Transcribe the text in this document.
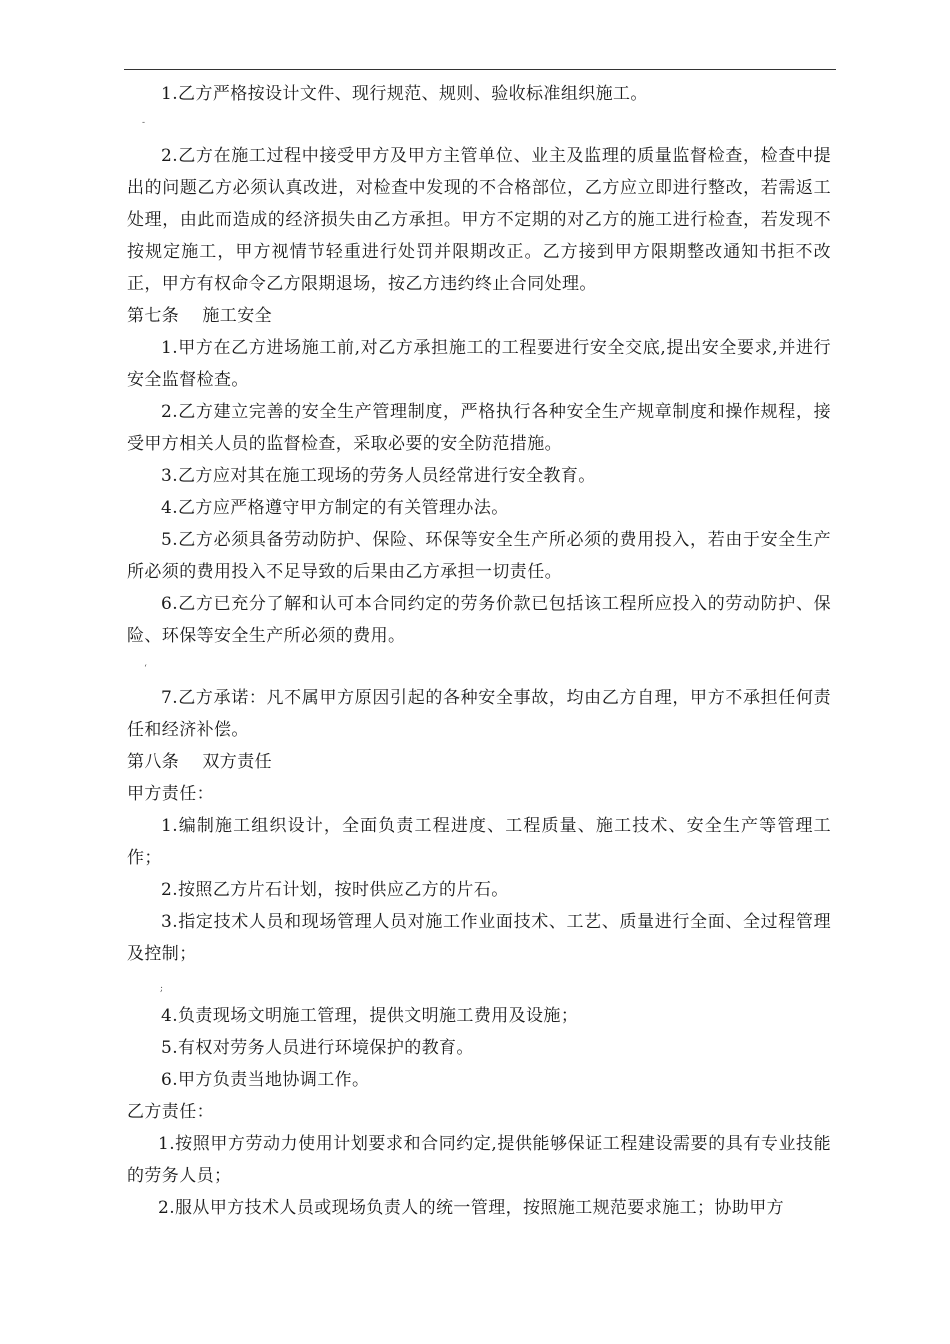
1.乙方严格按设计文件、现行规范、规则、验收标准组织施工。

-

2.乙方在施工过程中接受甲方及甲方主管单位、业主及监理的质量监督检查，检查中提出的问题乙方必须认真改进，对检查中发现的不合格部位，乙方应立即进行整改，若需返工处理，由此而造成的经济损失由乙方承担。甲方不定期的对乙方的施工进行检查，若发现不按规定施工，甲方视情节轻重进行处罚并限期改正。乙方接到甲方限期整改通知书拒不改正，甲方有权命令乙方限期退场，按乙方违约终止合同处理。

第七条　 施工安全

1.甲方在乙方进场施工前,对乙方承担施工的工程要进行安全交底,提出安全要求,并进行安全监督检查。

2.乙方建立完善的安全生产管理制度，严格执行各种安全生产规章制度和操作规程，接受甲方相关人员的监督检查，采取必要的安全防范措施。

3.乙方应对其在施工现场的劳务人员经常进行安全教育。

4.乙方应严格遵守甲方制定的有关管理办法。

5.乙方必须具备劳动防护、保险、环保等安全生产所必须的费用投入，若由于安全生产所必须的费用投入不足导致的后果由乙方承担一切责任。

6.乙方已充分了解和认可本合同约定的劳务价款已包括该工程所应投入的劳动防护、保险、环保等安全生产所必须的费用。

ʻ

7.乙方承诺：凡不属甲方原因引起的各种安全事故，均由乙方自理，甲方不承担任何责任和经济补偿。

第八条　 双方责任

甲方责任：

1.编制施工组织设计，全面负责工程进度、工程质量、施工技术、安全生产等管理工作；

2.按照乙方片石计划，按时供应乙方的片石。

3.指定技术人员和现场管理人员对施工作业面技术、工艺、质量进行全面、全过程管理及控制；

;

4.负责现场文明施工管理，提供文明施工费用及设施；

5.有权对劳务人员进行环境保护的教育。

6.甲方负责当地协调工作。

乙方责任：

1.按照甲方劳动力使用计划要求和合同约定,提供能够保证工程建设需要的具有专业技能的劳务人员；

2.服从甲方技术人员或现场负责人的统一管理，按照施工规范要求施工；协助甲方
